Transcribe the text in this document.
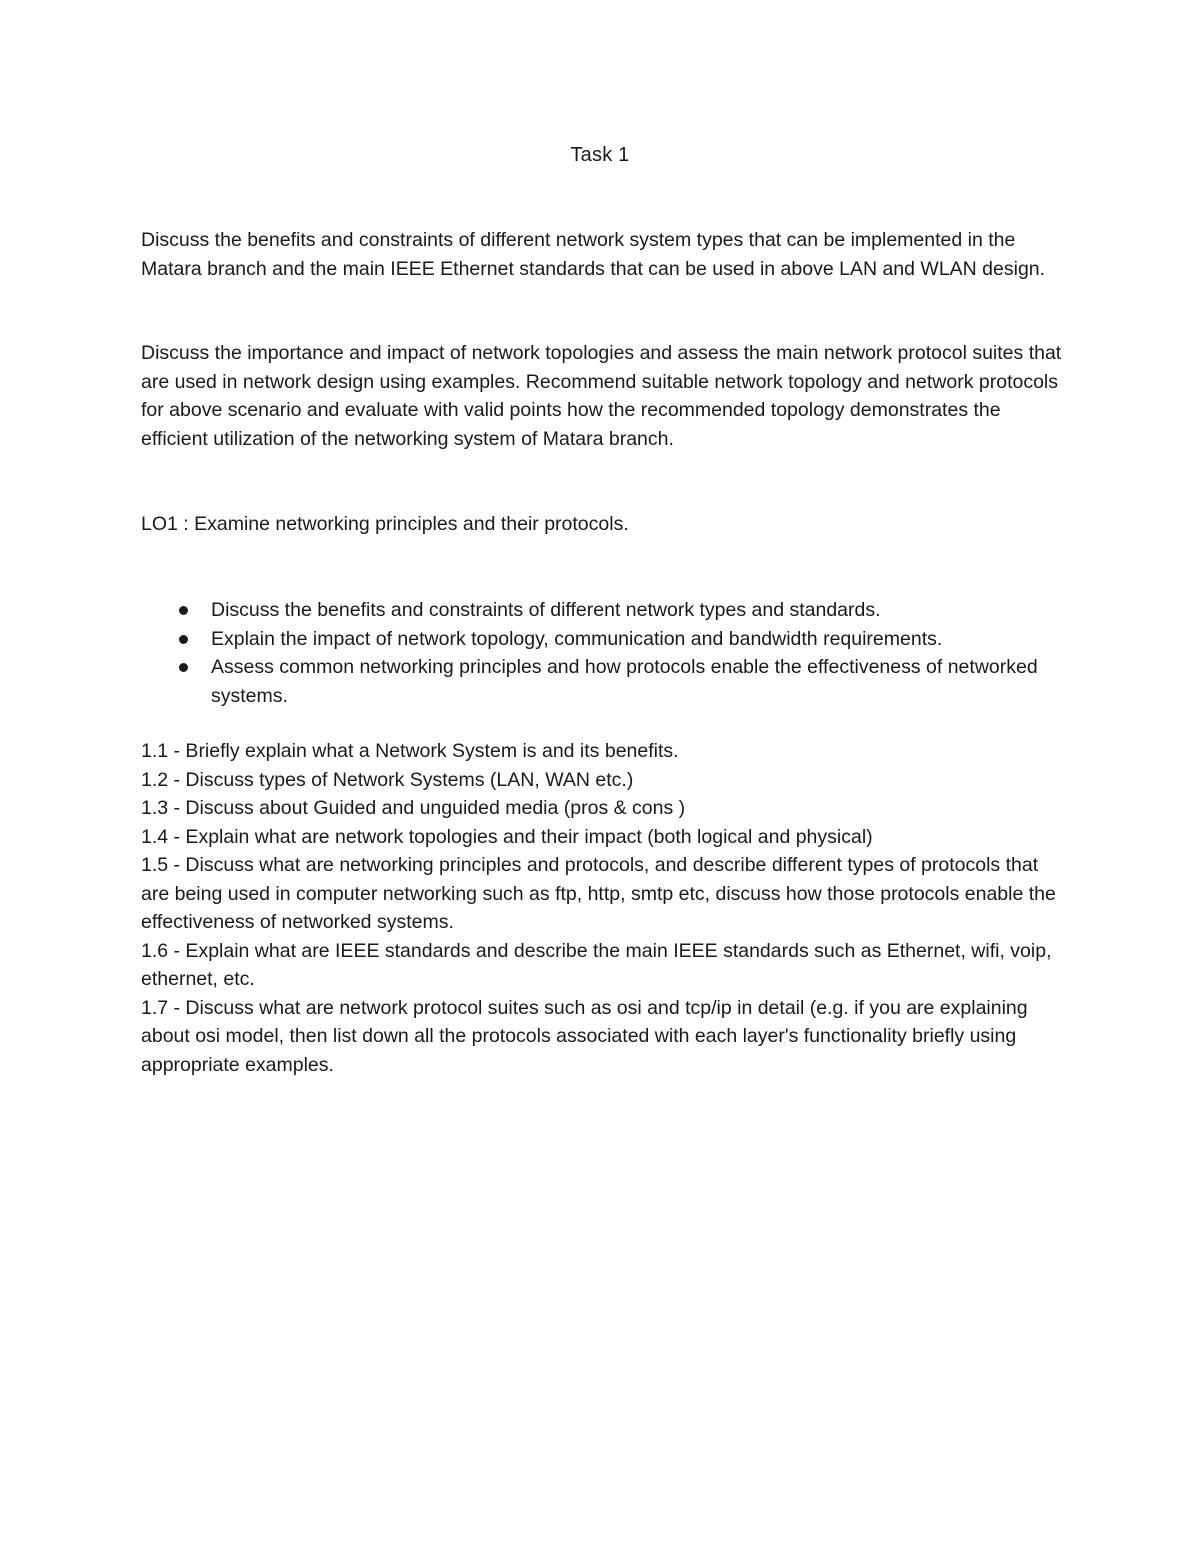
Task 1

Discuss the benefits and constraints of different network system types that can be implemented in the Matara branch and the main IEEE Ethernet standards that can be used in above LAN and WLAN design.

Discuss the importance and impact of network topologies and assess the main network protocol suites that are used in network design using examples. Recommend suitable network topology and network protocols for above scenario and evaluate with valid points how the recommended topology demonstrates the efficient utilization of the networking system of Matara branch.

LO1 : Examine networking principles and their protocols.

Discuss the benefits and constraints of different network types and standards.
Explain the impact of network topology, communication and bandwidth requirements.
Assess common networking principles and how protocols enable the effectiveness of networked systems.

1.1 - Briefly explain what a Network System is and its benefits.

1.2 - Discuss types of Network Systems (LAN, WAN etc.)

1.3 - Discuss about Guided and unguided media (pros & cons )

1.4 - Explain what are network topologies and their impact (both logical and physical)

1.5 - Discuss what are networking principles and protocols, and describe different types of protocols that are being used in computer networking such as ftp, http, smtp etc, discuss how those protocols enable the effectiveness of networked systems.

1.6 - Explain what are IEEE standards and describe the main IEEE standards such as Ethernet, wifi, voip, ethernet, etc.

1.7 - Discuss what are network protocol suites such as osi and tcp/ip in detail (e.g. if you are explaining about osi model, then list down all the protocols associated with each layer's functionality briefly using appropriate examples.
